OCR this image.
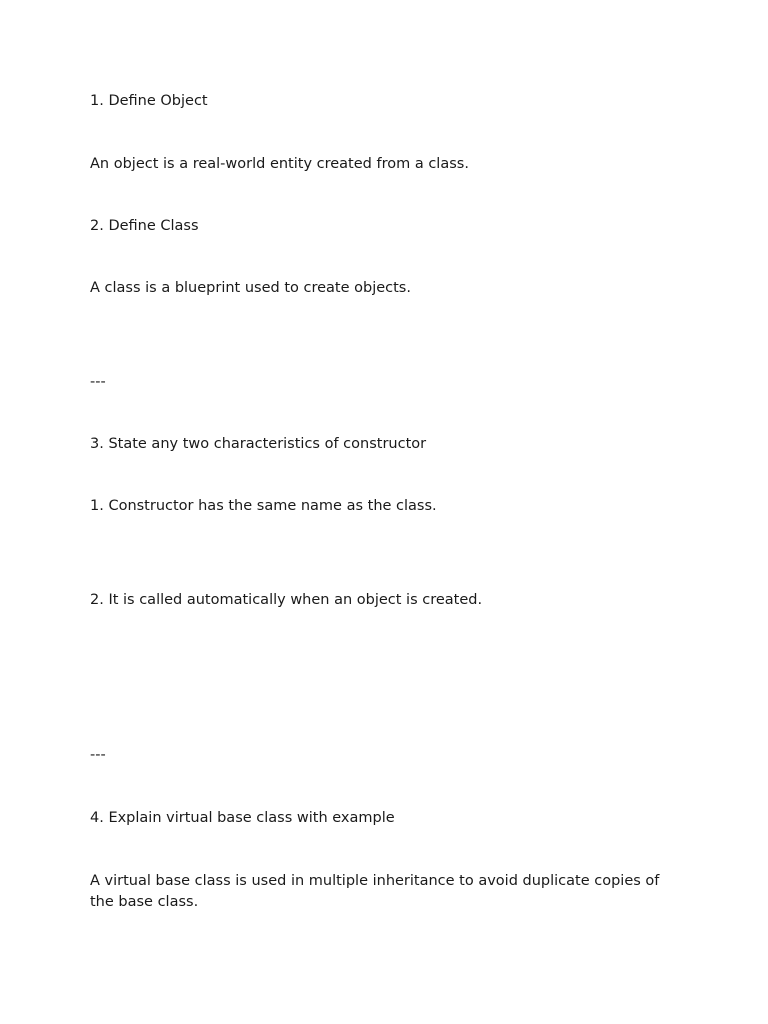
1. Define Object

An object is a real-world entity created from a class.

2. Define Class

A class is a blueprint used to create objects.

---

3. State any two characteristics of constructor

1. Constructor has the same name as the class.

2. It is called automatically when an object is created.

---

4. Explain virtual base class with example

A virtual base class is used in multiple inheritance to avoid duplicate copies of the base class.
